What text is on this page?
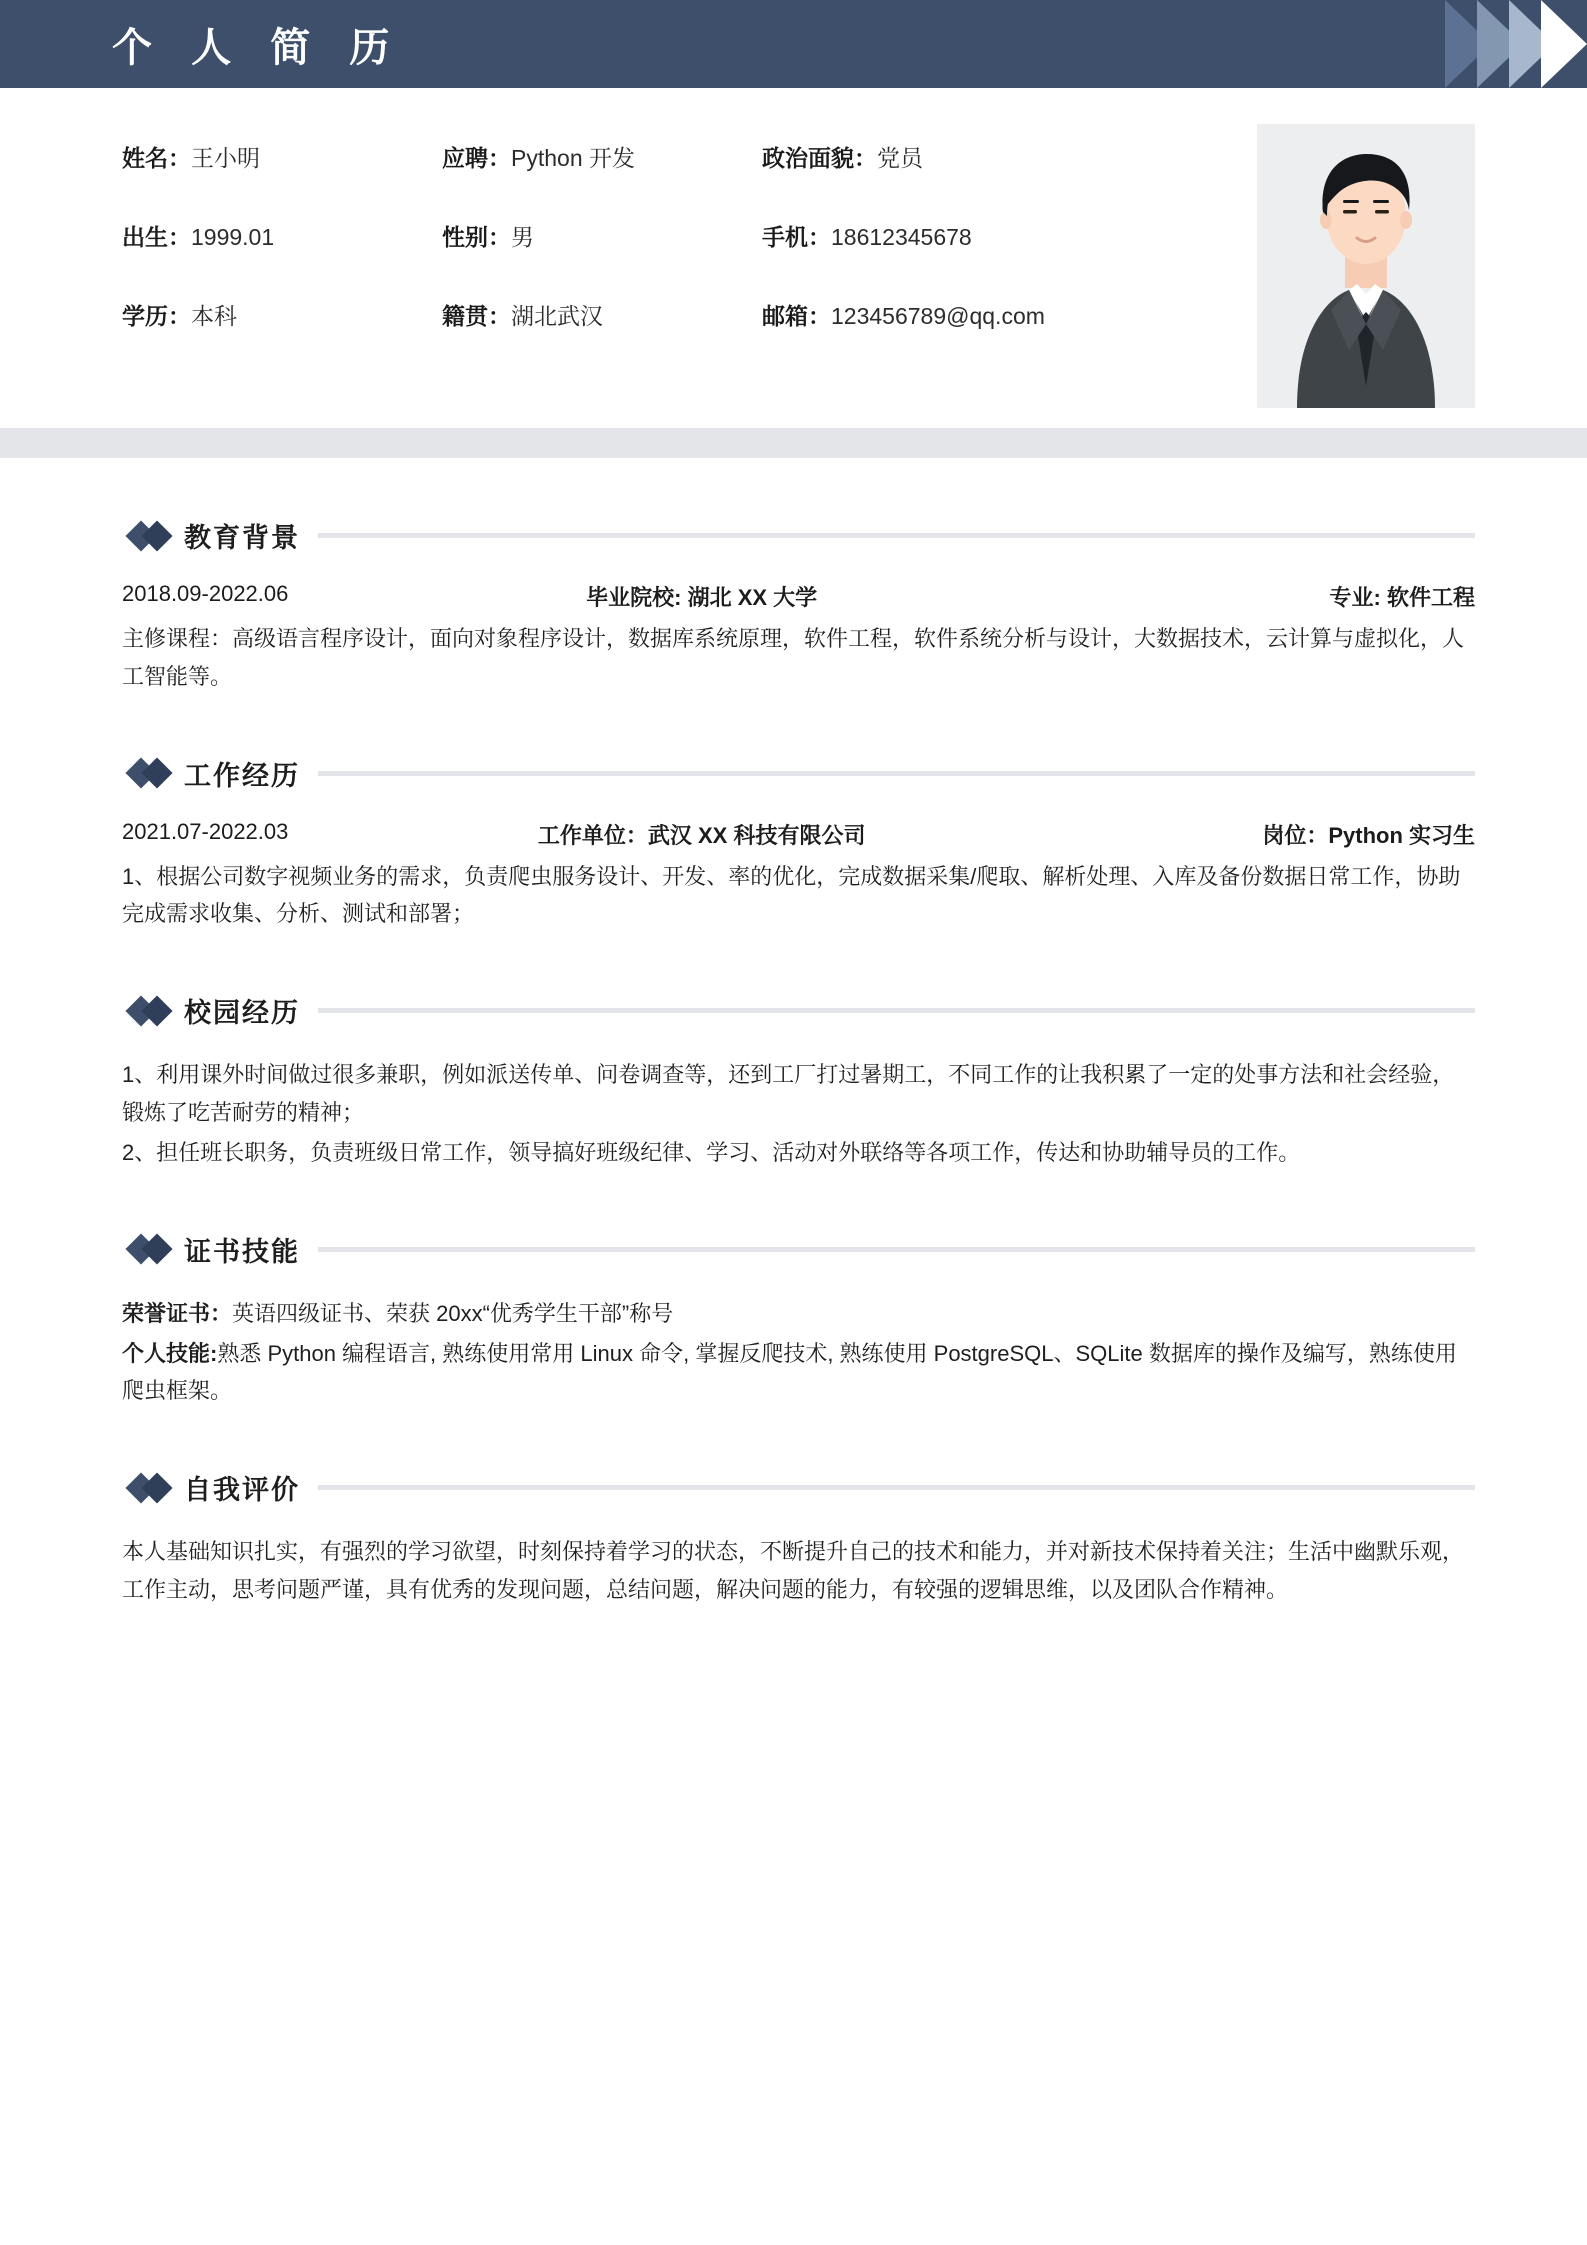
个 人 简 历
姓名：王小明	应聘：Python 开发	政治面貌：党员
出生：1999.01	性别：男	手机：18612345678
学历：本科	籍贯：湖北武汉	邮箱：123456789@qq.com
教育背景
2018.09-2022.06	毕业院校: 湖北 XX 大学	专业: 软件工程
主修课程：高级语言程序设计，面向对象程序设计，数据库系统原理，软件工程，软件系统分析与设计，大数据技术，云计算与虚拟化，人工智能等。
工作经历
2021.07-2022.03	工作单位：武汉 XX 科技有限公司	岗位：Python 实习生
1、根据公司数字视频业务的需求，负责爬虫服务设计、开发、率的优化，完成数据采集/爬取、解析处理、入库及备份数据日常工作，协助完成需求收集、分析、测试和部署；
校园经历
1、利用课外时间做过很多兼职，例如派送传单、问卷调查等，还到工厂打过暑期工，不同工作的让我积累了一定的处事方法和社会经验，锻炼了吃苦耐劳的精神；
2、担任班长职务，负责班级日常工作，领导搞好班级纪律、学习、活动对外联络等各项工作，传达和协助辅导员的工作。
证书技能
荣誉证书：英语四级证书、荣获 20xx“优秀学生干部”称号
个人技能:熟悉 Python 编程语言, 熟练使用常用 Linux 命令, 掌握反爬技术, 熟练使用 PostgreSQL、SQLite 数据库的操作及编写，熟练使用爬虫框架。
自我评价
本人基础知识扎实，有强烈的学习欲望，时刻保持着学习的状态，不断提升自己的技术和能力，并对新技术保持着关注；生活中幽默乐观，工作主动，思考问题严谨，具有优秀的发现问题，总结问题，解决问题的能力，有较强的逻辑思维，以及团队合作精神。
